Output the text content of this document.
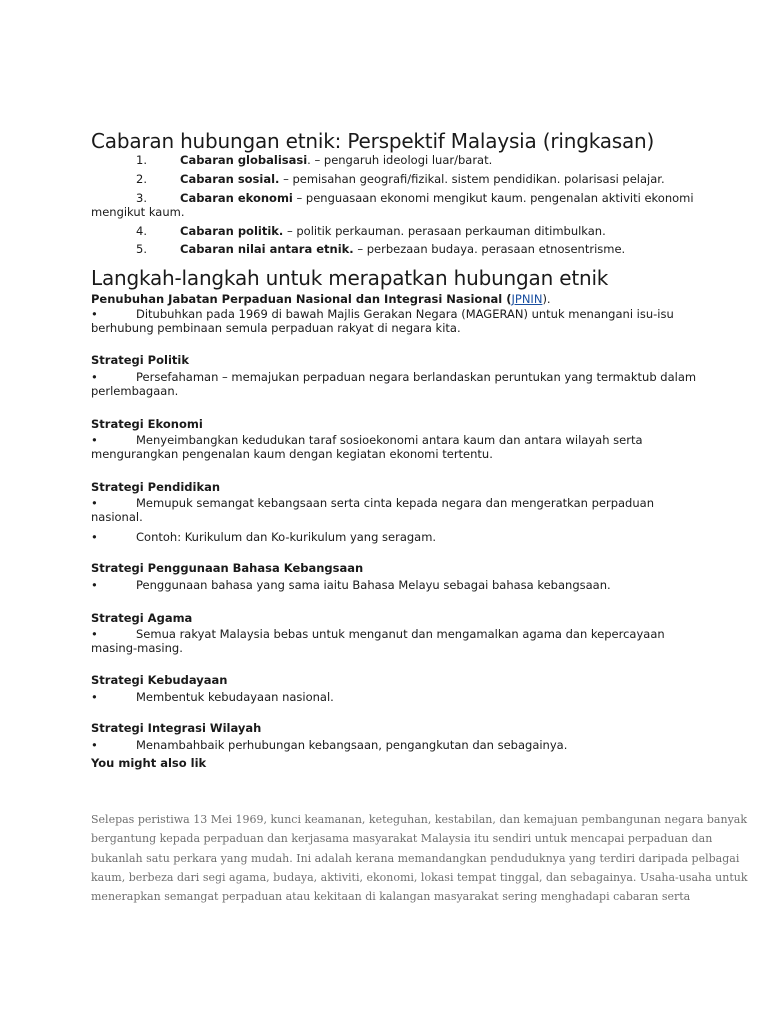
Cabaran hubungan etnik: Perspektif Malaysia (ringkasan)
1.	Cabaran globalisasi. – pengaruh ideologi luar/barat.
2.	Cabaran sosial. – pemisahan geografi/fizikal. sistem pendidikan. polarisasi pelajar.
3.	Cabaran ekonomi – penguasaan ekonomi mengikut kaum. pengenalan aktiviti ekonomi
mengikut kaum.
4.	Cabaran politik. – politik perkauman. perasaan perkauman ditimbulkan.
5.	Cabaran nilai antara etnik. – perbezaan budaya. perasaan etnosentrisme.
Langkah-langkah untuk merapatkan hubungan etnik
Penubuhan Jabatan Perpaduan Nasional dan Integrasi Nasional (JPNIN).
•	Ditubuhkan pada 1969 di bawah Majlis Gerakan Negara (MAGERAN) untuk menangani isu-isu
berhubung pembinaan semula perpaduan rakyat di negara kita.
Strategi Politik
•	Persefahaman – memajukan perpaduan negara berlandaskan peruntukan yang termaktub dalam
perlembagaan.
Strategi Ekonomi
•	Menyeimbangkan kedudukan taraf sosioekonomi antara kaum dan antara wilayah serta
mengurangkan pengenalan kaum dengan kegiatan ekonomi tertentu.
Strategi Pendidikan
•	Memupuk semangat kebangsaan serta cinta kepada negara dan mengeratkan perpaduan
nasional.
•	Contoh: Kurikulum dan Ko-kurikulum yang seragam.
Strategi Penggunaan Bahasa Kebangsaan
•	Penggunaan bahasa yang sama iaitu Bahasa Melayu sebagai bahasa kebangsaan.
Strategi Agama
•	Semua rakyat Malaysia bebas untuk menganut dan mengamalkan agama dan kepercayaan
masing-masing.
Strategi Kebudayaan
•	Membentuk kebudayaan nasional.
Strategi Integrasi Wilayah
•	Menambahbaik perhubungan kebangsaan, pengangkutan dan sebagainya.
You might also lik
Selepas peristiwa 13 Mei 1969, kunci keamanan, keteguhan, kestabilan, dan kemajuan pembangunan negara banyak
bergantung kepada perpaduan dan kerjasama masyarakat Malaysia itu sendiri untuk mencapai perpaduan dan
bukanlah satu perkara yang mudah. Ini adalah kerana memandangkan penduduknya yang terdiri daripada pelbagai
kaum, berbeza dari segi agama, budaya, aktiviti, ekonomi, lokasi tempat tinggal, dan sebagainya. Usaha-usaha untuk
menerapkan semangat perpaduan atau kekitaan di kalangan masyarakat sering menghadapi cabaran serta
